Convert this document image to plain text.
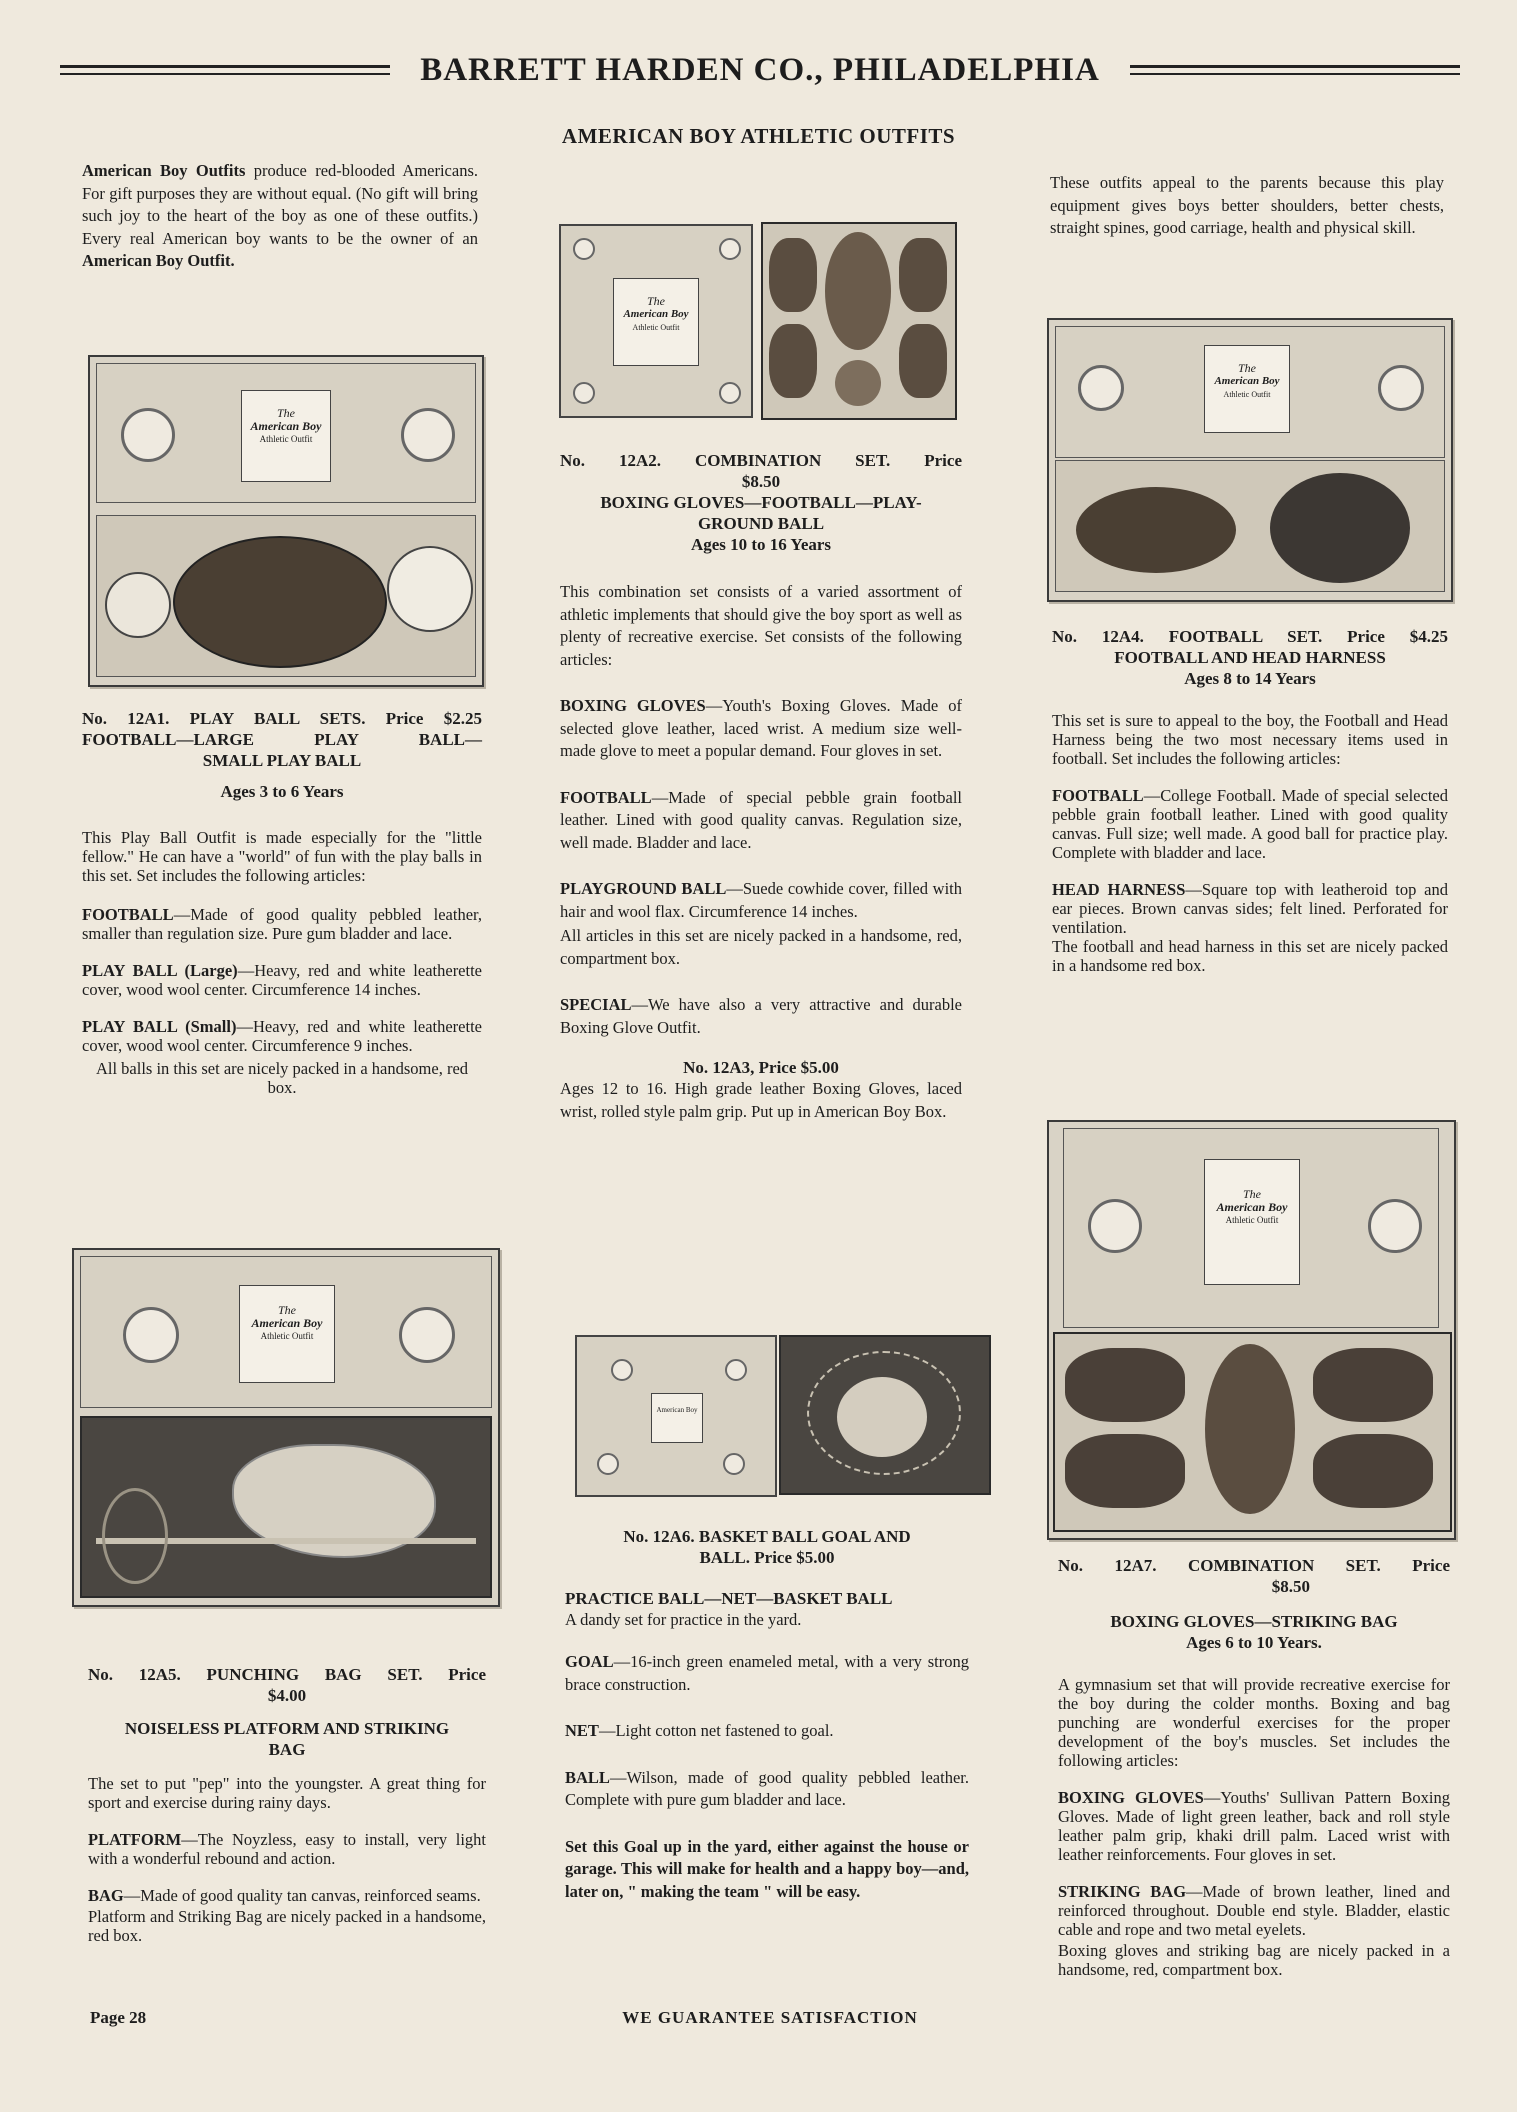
BARRETT HARDEN CO., PHILADELPHIA
AMERICAN BOY ATHLETIC OUTFITS

American Boy Outfits produce red-blooded Americans. For gift purposes they are without equal. (No gift will bring such joy to the heart of the boy as one of these outfits.) Every real American boy wants to be the owner of an American Boy Outfit.

The
American Boy
Athletic Outfit

No. 12A1. PLAY BALL SETS. Price $2.25

FOOTBALL—LARGE PLAY BALL—

SMALL PLAY BALL

Ages 3 to 6 Years

This Play Ball Outfit is made especially for the "little fellow." He can have a "world" of fun with the play balls in this set. Set includes the following articles:

FOOTBALL—Made of good quality pebbled leather, smaller than regulation size. Pure gum bladder and lace.

PLAY BALL (Large)—Heavy, red and white leatherette cover, wood wool center. Circumference 14 inches.

PLAY BALL (Small)—Heavy, red and white leatherette cover, wood wool center. Circumference 9 inches.

All balls in this set are nicely packed in a handsome, red box.

The
American Boy
Athletic Outfit

No. 12A5. PUNCHING BAG SET. Price

$4.00

NOISELESS PLATFORM AND STRIKING

BAG

The set to put "pep" into the youngster. A great thing for sport and exercise during rainy days.

PLATFORM—The Noyzless, easy to install, very light with a wonderful rebound and action.

BAG—Made of good quality tan canvas, reinforced seams.

Platform and Striking Bag are nicely packed in a handsome, red box.

The
American Boy
Athletic Outfit

No. 12A2. COMBINATION SET. Price

$8.50

BOXING GLOVES—FOOTBALL—PLAY-

GROUND BALL

Ages 10 to 16 Years

This combination set consists of a varied assortment of athletic implements that should give the boy sport as well as plenty of recreative exercise. Set consists of the following articles:

BOXING GLOVES—Youth's Boxing Gloves. Made of selected glove leather, laced wrist. A medium size well-made glove to meet a popular demand. Four gloves in set.

FOOTBALL—Made of special pebble grain football leather. Lined with good quality canvas. Regulation size, well made. Bladder and lace.

PLAYGROUND BALL—Suede cowhide cover, filled with hair and wool flax. Circumference 14 inches.

All articles in this set are nicely packed in a handsome, red, compartment box.

SPECIAL—We have also a very attractive and durable Boxing Glove Outfit.

No. 12A3, Price $5.00

Ages 12 to 16. High grade leather Boxing Gloves, laced wrist, rolled style palm grip. Put up in American Boy Box.

American Boy

No. 12A6. BASKET BALL GOAL AND

BALL. Price $5.00

PRACTICE BALL—NET—BASKET BALL

A dandy set for practice in the yard.

GOAL—16-inch green enameled metal, with a very strong brace construction.

NET—Light cotton net fastened to goal.

BALL—Wilson, made of good quality pebbled leather. Complete with pure gum bladder and lace.

Set this Goal up in the yard, either against the house or garage. This will make for health and a happy boy—and, later on, " making the team " will be easy.

These outfits appeal to the parents because this play equipment gives boys better shoulders, better chests, straight spines, good carriage, health and physical skill.

The
American Boy
Athletic Outfit

No. 12A4. FOOTBALL SET. Price $4.25

FOOTBALL AND HEAD HARNESS

Ages 8 to 14 Years

This set is sure to appeal to the boy, the Football and Head Harness being the two most necessary items used in football. Set includes the following articles:

FOOTBALL—College Football. Made of special selected pebble grain football leather. Lined with good quality canvas. Full size; well made. A good ball for practice play. Complete with bladder and lace.

HEAD HARNESS—Square top with leatheroid top and ear pieces. Brown canvas sides; felt lined. Perforated for ventilation.

The football and head harness in this set are nicely packed in a handsome red box.

The
American Boy
Athletic Outfit

No. 12A7. COMBINATION SET. Price

$8.50

BOXING GLOVES—STRIKING BAG

Ages 6 to 10 Years.

A gymnasium set that will provide recreative exercise for the boy during the colder months. Boxing and bag punching are wonderful exercises for the proper development of the boy's muscles. Set includes the following articles:

BOXING GLOVES—Youths' Sullivan Pattern Boxing Gloves. Made of light green leather, back and roll style leather palm grip, khaki drill palm. Laced wrist with leather reinforcements. Four gloves in set.

STRIKING BAG—Made of brown leather, lined and reinforced throughout. Double end style. Bladder, elastic cable and rope and two metal eyelets.

Boxing gloves and striking bag are nicely packed in a handsome, red, compartment box.

Page 28	WE GUARANTEE SATISFACTION
